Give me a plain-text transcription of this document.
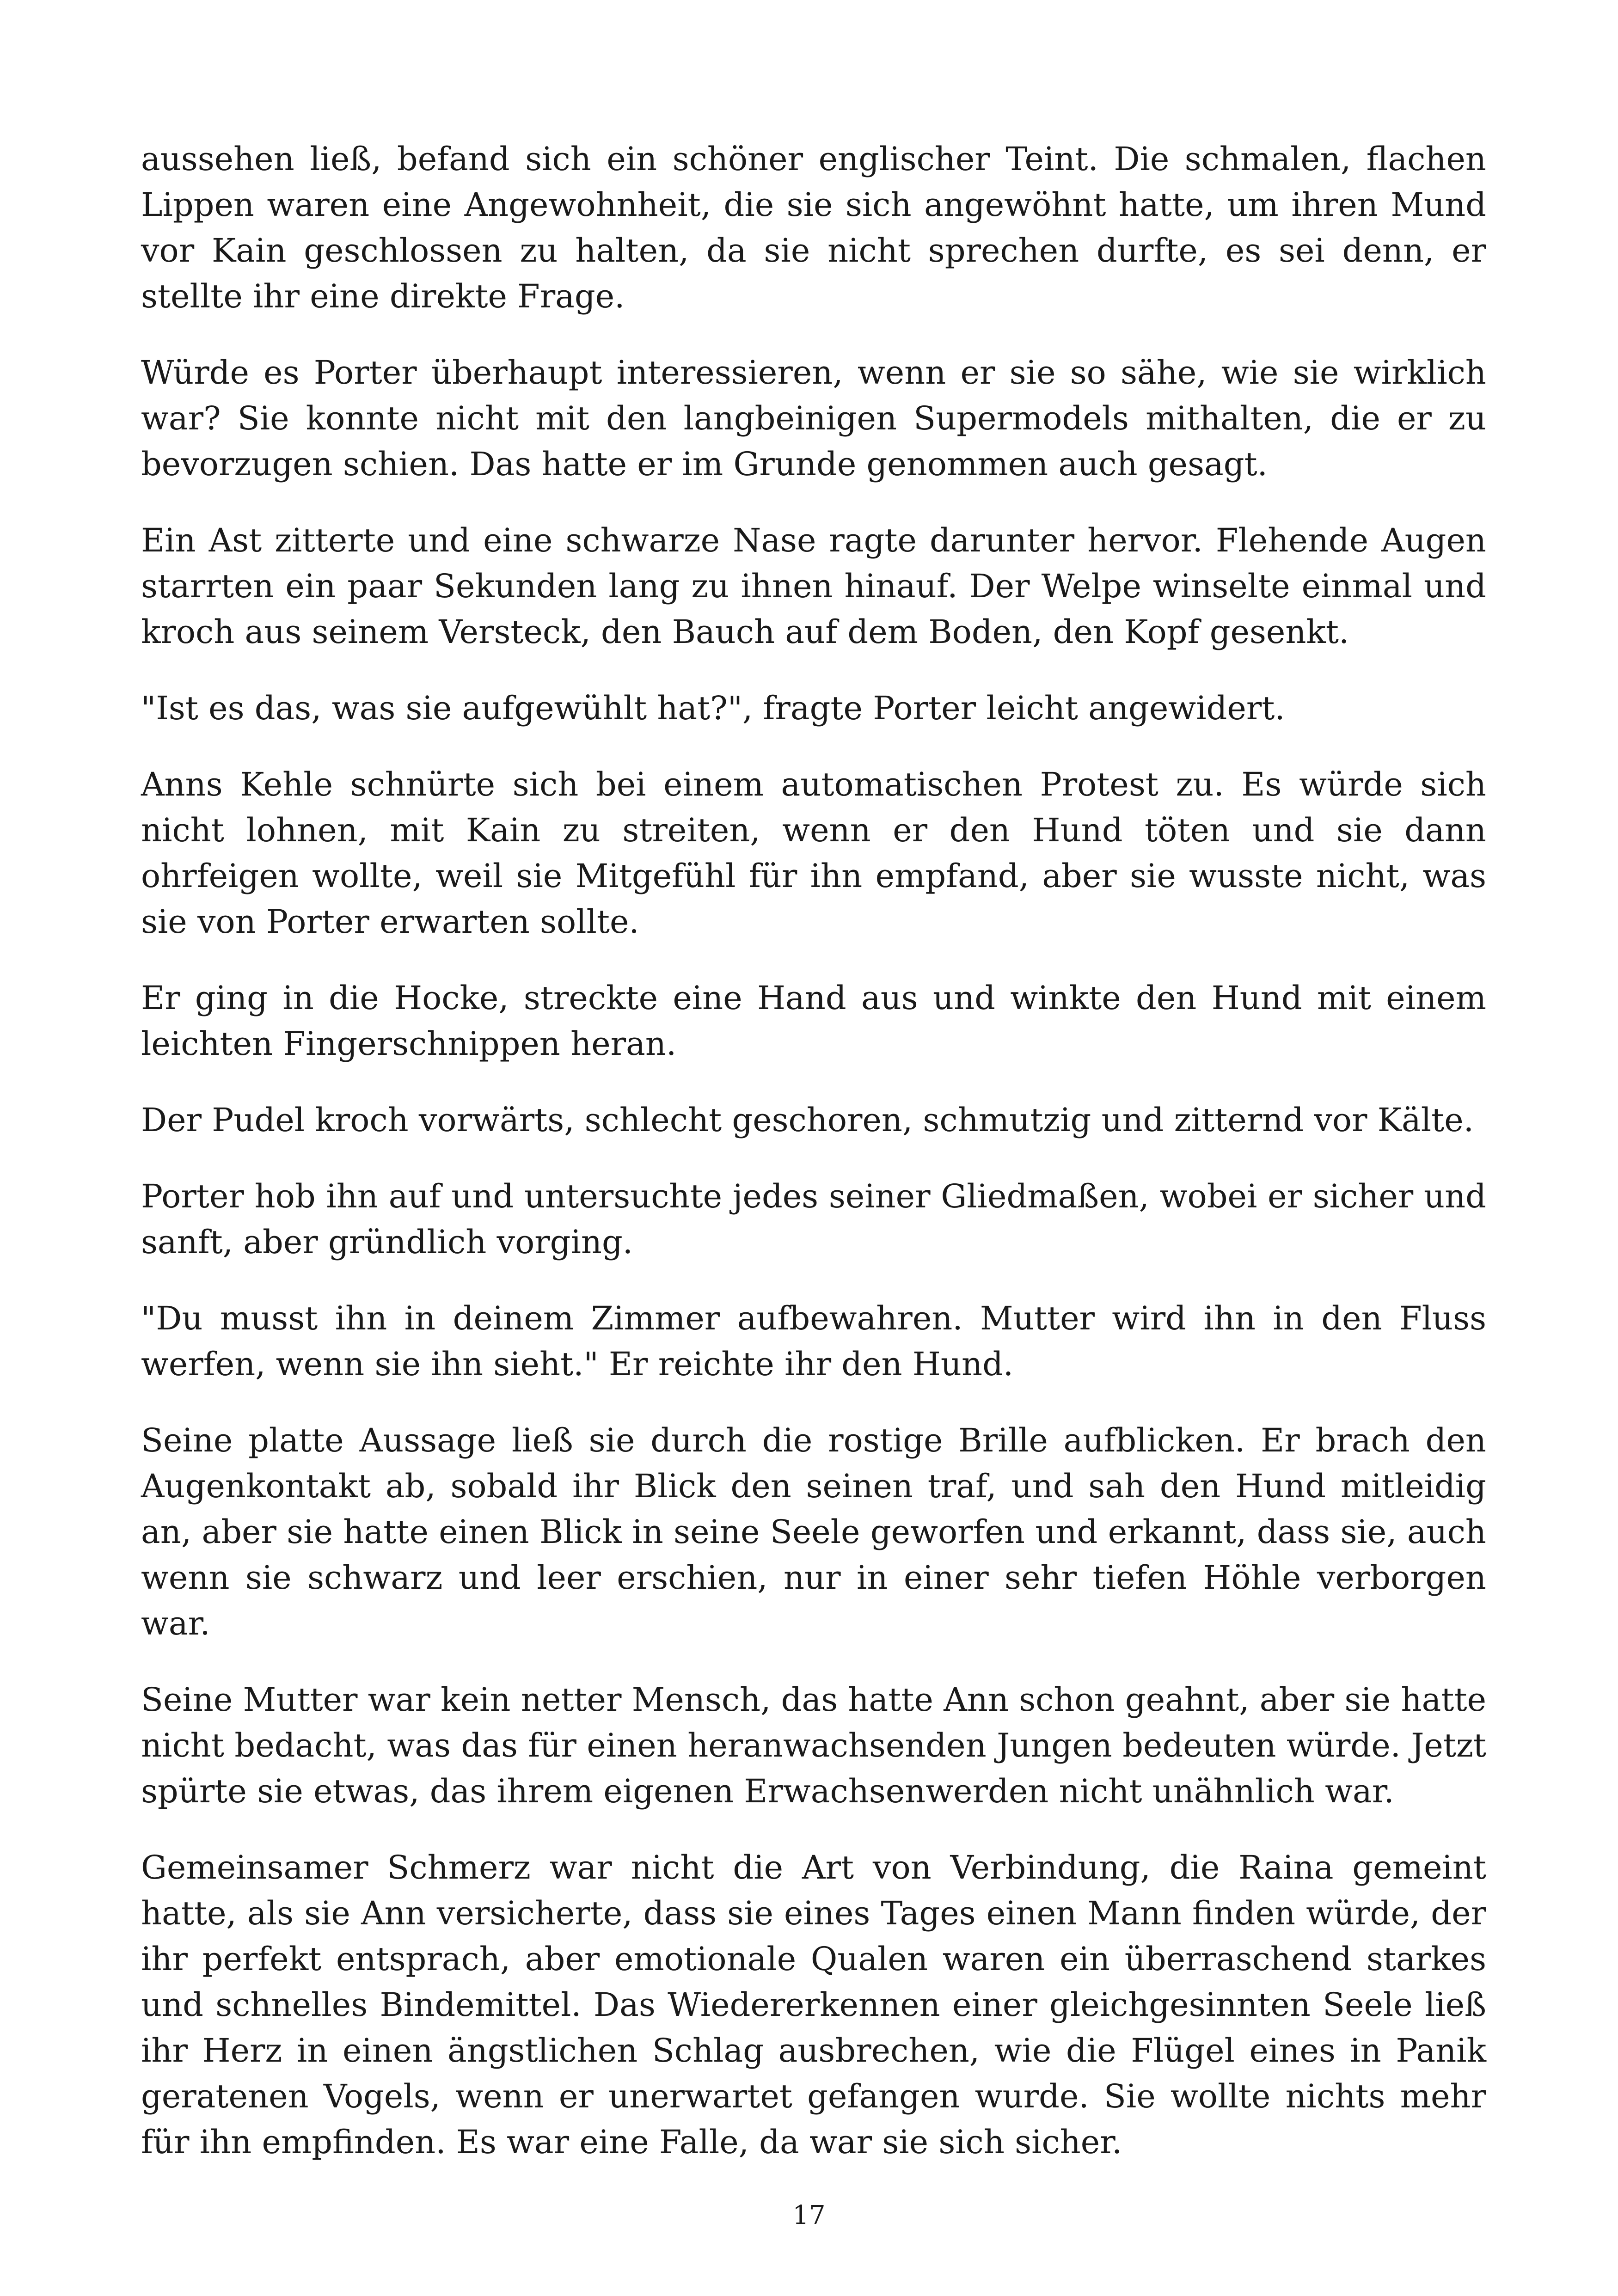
aussehen ließ, befand sich ein schöner englischer Teint. Die schmalen, flachen Lippen waren eine Angewohnheit, die sie sich angewöhnt hatte, um ihren Mund vor Kain geschlossen zu halten, da sie nicht sprechen durfte, es sei denn, er stellte ihr eine direkte Frage.

Würde es Porter überhaupt interessieren, wenn er sie so sähe, wie sie wirklich war? Sie konnte nicht mit den langbeinigen Supermodels mithalten, die er zu bevorzugen schien. Das hatte er im Grunde genommen auch gesagt.

Ein Ast zitterte und eine schwarze Nase ragte darunter hervor. Flehende Augen starrten ein paar Sekunden lang zu ihnen hinauf. Der Welpe winselte einmal und kroch aus seinem Versteck, den Bauch auf dem Boden, den Kopf gesenkt.

"Ist es das, was sie aufgewühlt hat?", fragte Porter leicht angewidert.

Anns Kehle schnürte sich bei einem automatischen Protest zu. Es würde sich nicht lohnen, mit Kain zu streiten, wenn er den Hund töten und sie dann ohrfeigen wollte, weil sie Mitgefühl für ihn empfand, aber sie wusste nicht, was sie von Porter erwarten sollte.

Er ging in die Hocke, streckte eine Hand aus und winkte den Hund mit einem leichten Fingerschnippen heran.

Der Pudel kroch vorwärts, schlecht geschoren, schmutzig und zitternd vor Kälte.

Porter hob ihn auf und untersuchte jedes seiner Gliedmaßen, wobei er sicher und sanft, aber gründlich vorging.

"Du musst ihn in deinem Zimmer aufbewahren. Mutter wird ihn in den Fluss werfen, wenn sie ihn sieht." Er reichte ihr den Hund.

Seine platte Aussage ließ sie durch die rostige Brille aufblicken. Er brach den Augenkontakt ab, sobald ihr Blick den seinen traf, und sah den Hund mitleidig an, aber sie hatte einen Blick in seine Seele geworfen und erkannt, dass sie, auch wenn sie schwarz und leer erschien, nur in einer sehr tiefen Höhle verborgen war.

Seine Mutter war kein netter Mensch, das hatte Ann schon geahnt, aber sie hatte nicht bedacht, was das für einen heranwachsenden Jungen bedeuten würde. Jetzt spürte sie etwas, das ihrem eigenen Erwachsenwerden nicht unähnlich war.

Gemeinsamer Schmerz war nicht die Art von Verbindung, die Raina gemeint hatte, als sie Ann versicherte, dass sie eines Tages einen Mann finden würde, der ihr perfekt entsprach, aber emotionale Qualen waren ein überraschend starkes und schnelles Bindemittel. Das Wiedererkennen einer gleichgesinnten Seele ließ ihr Herz in einen ängstlichen Schlag ausbrechen, wie die Flügel eines in Panik geratenen Vogels, wenn er unerwartet gefangen wurde. Sie wollte nichts mehr für ihn empfinden. Es war eine Falle, da war sie sich sicher.

17
